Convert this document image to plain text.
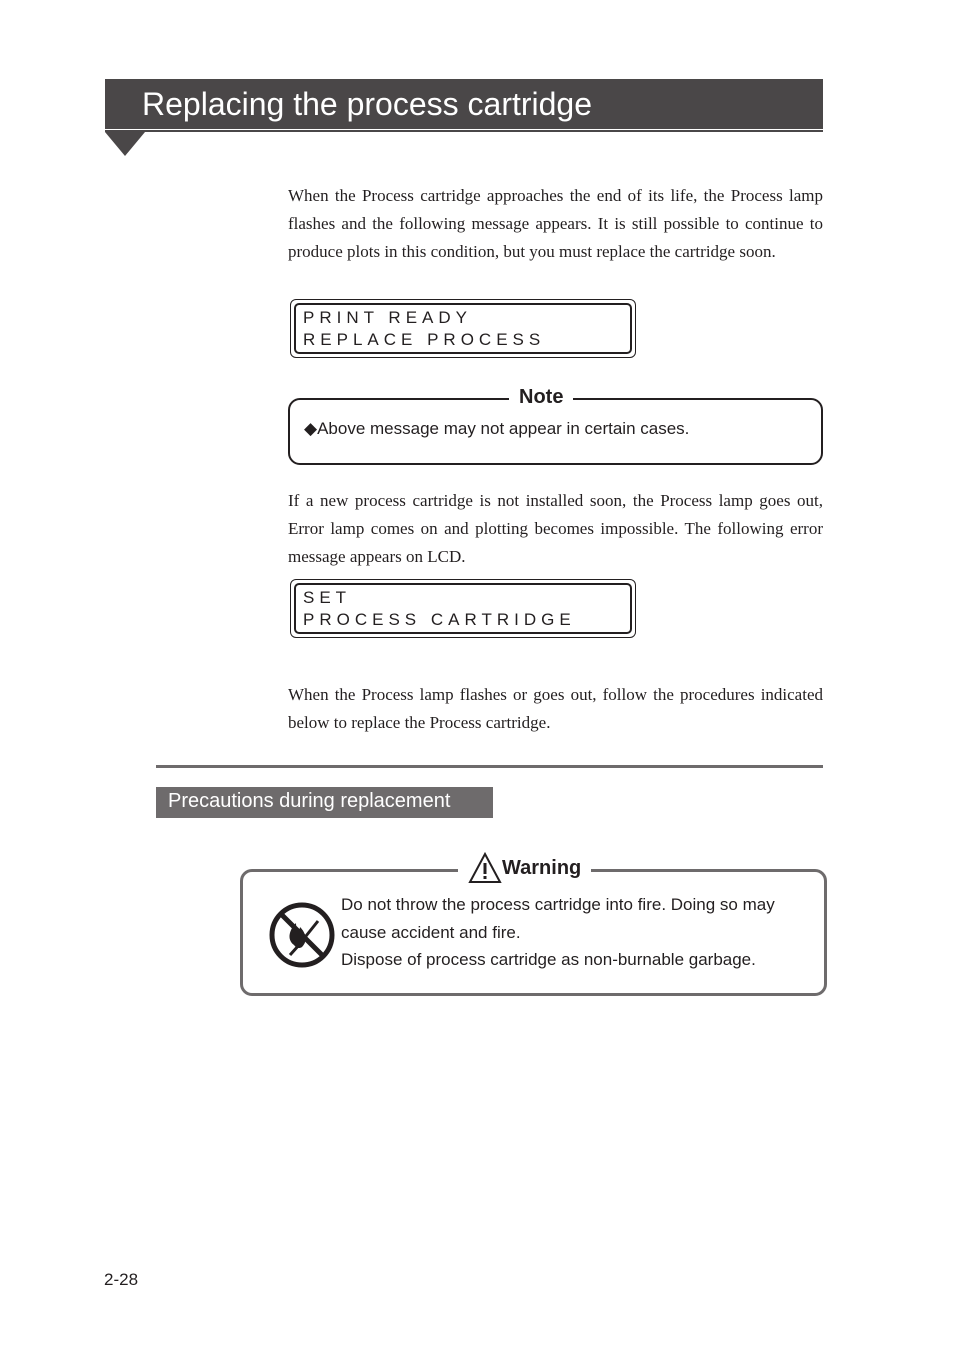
Replacing the process cartridge

When the Process cartridge approaches the end of its life, the Process lamp flashes and the following message appears. It is still possible to continue to produce plots in this condition, but you must replace the cartridge soon.

PRINT READY
REPLACE PROCESS
Note
◆Above message may not appear in certain cases.

If a new process cartridge is not installed soon, the Process lamp goes out, Error lamp comes on and plotting becomes impossible. The following error message appears on LCD.

SET
PROCESS CARTRIDGE

When the Process lamp flashes or goes out, follow the procedures indicated below to replace the Process cartridge.

Precautions during replacement
Warning
Do not throw the process cartridge into fire. Doing so may
cause accident and fire.
Dispose of process cartridge as non-burnable garbage.
2-28
